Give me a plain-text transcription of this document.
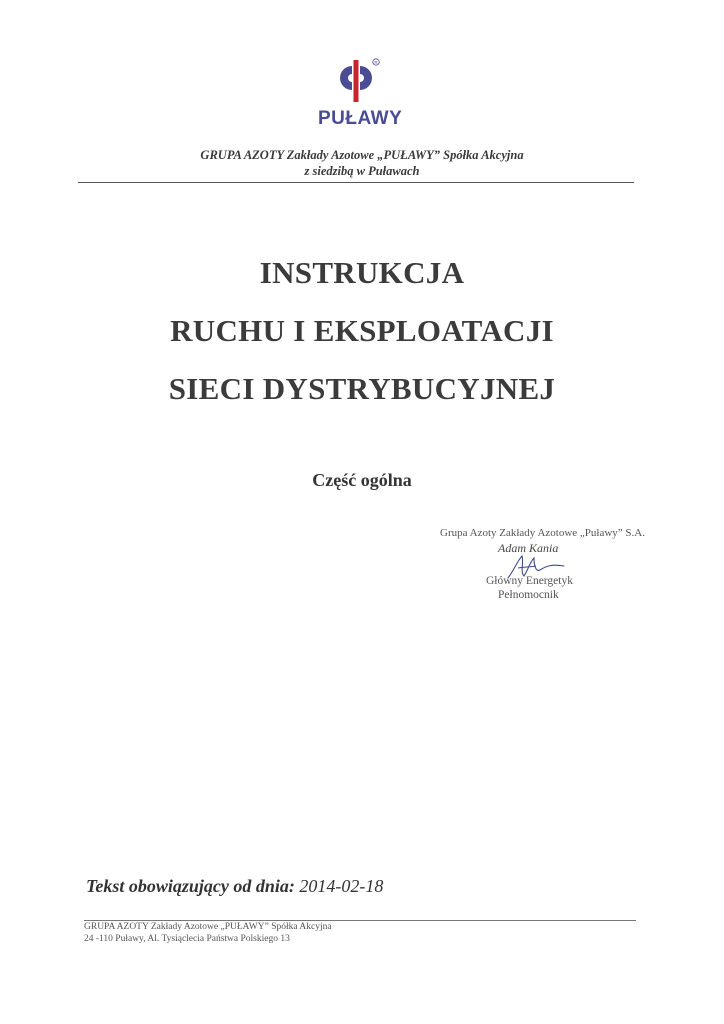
R
PUŁAWY
GRUPA AZOTY Zakłady Azotowe „PUŁAWY” Spółka Akcyjna
z siedzibą w Puławach
INSTRUKCJA
RUCHU I EKSPLOATACJI
SIECI DYSTRYBUCYJNEJ
Część ogólna
Grupa Azoty Zakłady Azotowe „Puławy” S.A.
Adam Kania
Główny Energetyk
Pełnomocnik
Tekst obowiązujący od dnia: 2014-02-18
GRUPA AZOTY Zakłady Azotowe „PUŁAWY” Spółka Akcyjna
24 -110 Puławy, Al. Tysiąclecia Państwa Polskiego 13
